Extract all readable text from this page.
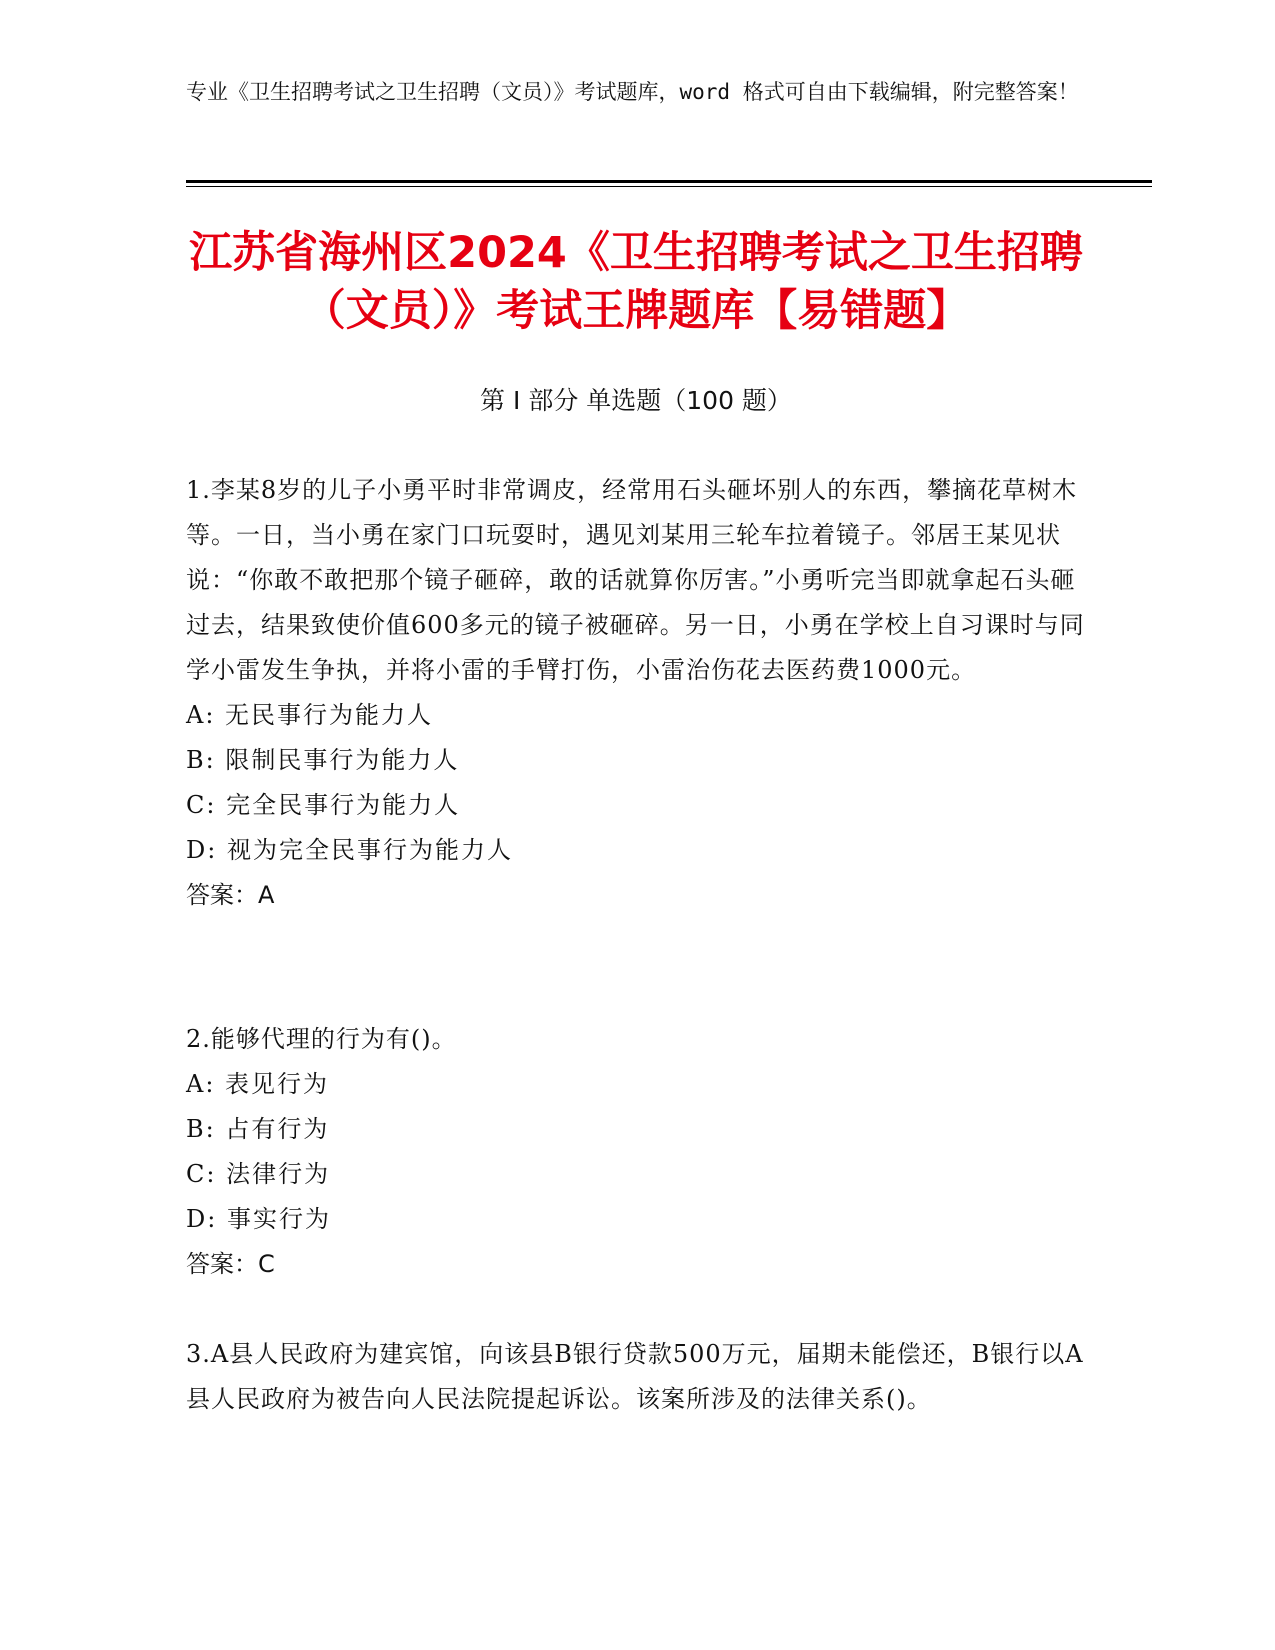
专业《卫生招聘考试之卫生招聘（文员）》考试题库，word 格式可自由下载编辑，附完整答案！
江苏省海州区2024《卫生招聘考试之卫生招聘（文员）》考试王牌题库【易错题】
第 I 部分 单选题（100 题）
1.李某8岁的儿子小勇平时非常调皮，经常用石头砸坏别人的东西，攀摘花草树木等。一日，当小勇在家门口玩耍时，遇见刘某用三轮车拉着镜子。邻居王某见状说：“你敢不敢把那个镜子砸碎，敢的话就算你厉害。”小勇听完当即就拿起石头砸过去，结果致使价值600多元的镜子被砸碎。另一日，小勇在学校上自习课时与同学小雷发生争执，并将小雷的手臂打伤，小雷治伤花去医药费1000元。
A: 无民事行为能力人
B: 限制民事行为能力人
C: 完全民事行为能力人
D: 视为完全民事行为能力人
答案：A
2.能够代理的行为有()。
A: 表见行为
B: 占有行为
C: 法律行为
D: 事实行为
答案：C
3.A县人民政府为建宾馆，向该县B银行贷款500万元，届期未能偿还，B银行以A县人民政府为被告向人民法院提起诉讼。该案所涉及的法律关系()。
